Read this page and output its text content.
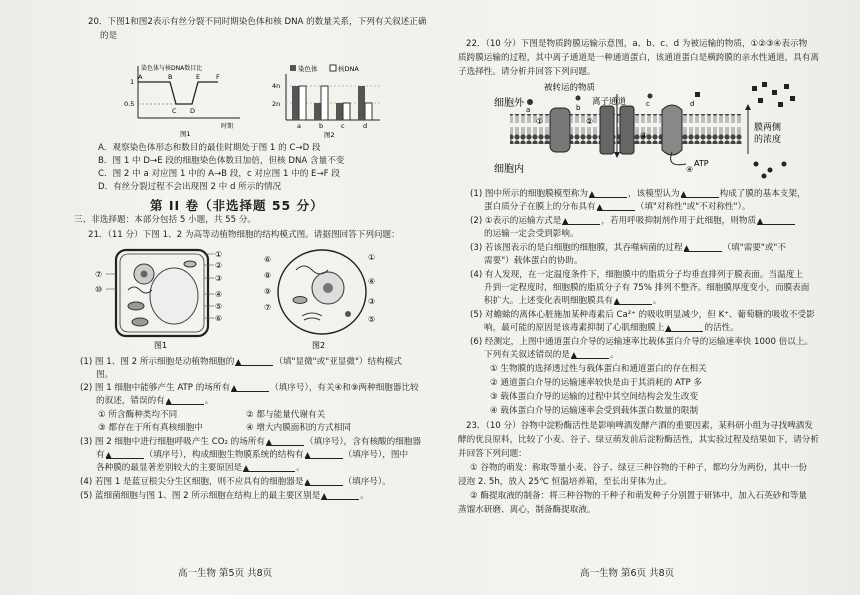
20．下图1和图2表示有丝分裂不同时期染色体和核 DNA 的数量关系，下列有关叙述正确
的是
染色体与核DNA数目比
1
0.5
A	B
C D
E F
时期
图1
染色体	核DNA
4n
2n
a	b	c	d
图2
A．观察染色体形态和数目的最佳时期处于图 1 的 C→D 段
B．图 1 中 D→E 段的细胞染色体数目加倍，但核 DNA 含量不变
C．图 2 中 a 对应图 1 中的 A→B 段，c 对应图 1 中的 E→F 段
D．有丝分裂过程不会出现图 2 中 d 所示的情况
第 II 卷（非选择题 55 分）
三、非选择题：本部分包括 5 小题，共 55 分。
21．（11 分）下图 1、2 为高等动植物细胞的结构模式图。请据图回答下列问题：
①
②
③
④
⑤
⑥
⑦
⑩
图1
⑥
⑧
⑨
⑦
①
④
③
⑤
图2
(1) 图 1、图 2 所示细胞是动植物细胞的▲	（填"显微"或"亚显微"）结构模式
图。
(2) 图 1 细胞中能够产生 ATP 的场所有▲	（填序号），有关④和⑨两种细胞器比较
的叙述，错误的有▲	。
① 所含酶种类均不同	② 都与能量代谢有关
③ 都存在于所有真核细胞中	④ 增大内膜面积的方式相同
(3) 图 2 细胞中进行细胞呼吸产生 CO₂ 的场所有▲	（填序号），含有核酸的细胞器
有▲	（填序号），构成细胞生物膜系统的结构有▲	（填序号），图中
各种膜的最显著差别较大的主要原因是▲	。
(4) 若图 1 是蓝豆根尖分生区细胞，则不应具有的细胞器是▲	（填序号）。
(5) 蓝细菌细胞与图 1、图 2 所示细胞在结构上的最主要区别是▲	。
高一生物 第5页 共8页
22．（10 分）下图是物质跨膜运输示意图，a、b、c、d 为被运输的物质，①②③④表示物
质跨膜运输的过程，其中离子通道是一种通道蛋白，该通道蛋白是横跨膜的亲水性通道，具有离
子选择性。请分析并回答下列问题。
细胞外
细胞内
被转运的物质
离子通道
a	b	c	d
①	②
③
④
ATP
膜两侧
的浓度
(1) 图中所示的细胞膜模型称为▲	，该模型认为▲	构成了膜的基本支架，
蛋白质分子在膜上的分布具有▲	（填"对称性"或"不对称性"）。
(2) ①表示的运输方式是▲	，若用呼吸抑制剂作用于此细胞，则物质▲
的运输一定会受到影响。
(3) 若该图表示的是白细胞的细胞膜，其吞噬病菌的过程▲	（填"需要"或"不
需要"）载体蛋白的协助。
(4) 有人发现，在一定温度条件下，细胞膜中的脂质分子均垂直排列于膜表面。当温度上
升到一定程度时，细胞膜的脂质分子有 75% 排列不整齐。细胞膜厚度变小，而膜表面
积扩大。上述变化表明细胞膜具有▲	。
(5) 对蟾蜍的离体心脏施加某种毒素后 Ca²⁺ 的吸收明显减少，但 K⁺、葡萄糖的吸收不受影
响，最可能的原因是该毒素抑制了心肌细胞膜上▲	的活性。
(6) 经测定，上图中通道蛋白介导的运输速率比载体蛋白介导的运输速率快 1000 倍以上。
下列有关叙述错误的是▲	。
① 生物膜的选择透过性与载体蛋白和通道蛋白的存在相关
② 通道蛋白介导的运输速率较快是由于其消耗的 ATP 多
③ 载体蛋白介导的运输的过程中其空间结构会发生改变
④ 载体蛋白介导的运输速率会受到载体蛋白数量的限制
23．（10 分）谷物中淀粉酶活性是影响啤酒发酵产酒的重要因素，某科研小组为寻找啤酒发
酵的优良原料，比较了小麦、谷子、绿豆萌发前后淀粉酶活性，其实验过程及结果如下，请分析
并回答下列问题：
① 谷物的萌发：称取等量小麦、谷子、绿豆三种谷物的干种子，都均分为两份，其中一份
浸泡 2. 5h，放入 25℃ 恒温培养箱，至长出芽体为止。
② 酶提取液的制备：将三种谷物的干种子和萌发种子分别置于研钵中，加入石英砂和等量
蒸馏水研磨、离心，制备酶提取液。
高一生物 第6页 共8页
